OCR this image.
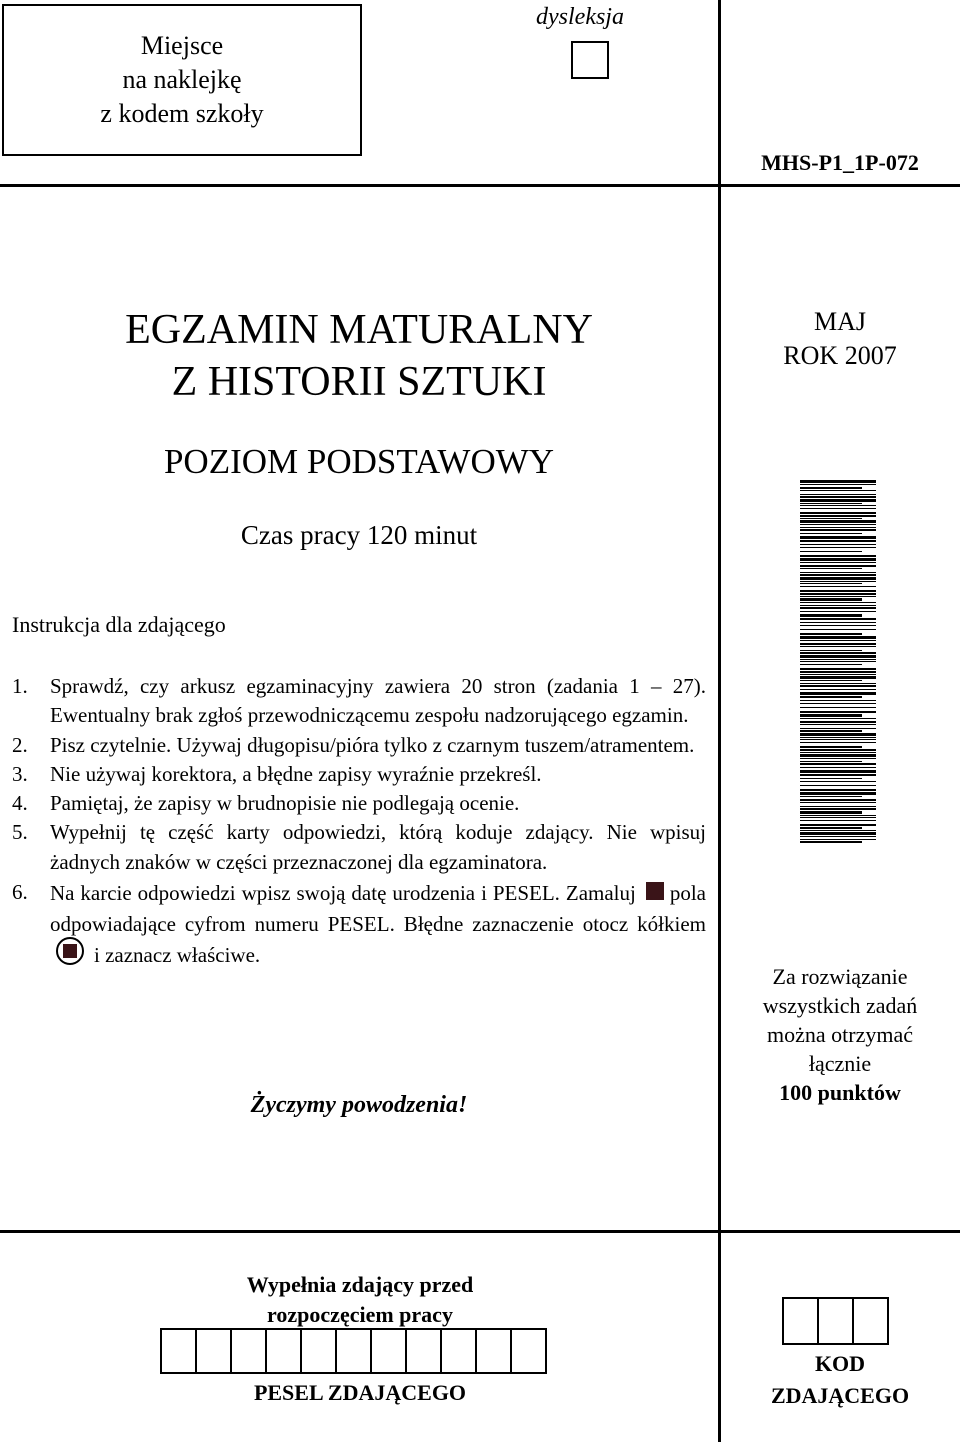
Miejsce
na naklejkę
z kodem szkoły
dysleksja
MHS-P1_1P-072
EGZAMIN MATURALNY
Z HISTORII SZTUKI
POZIOM PODSTAWOWY
Czas pracy 120 minut
MAJ
ROK 2007
Instrukcja dla zdającego
1.	Sprawdź, czy arkusz egzaminacyjny zawiera 20 stron (zadania 1 – 27). Ewentualny brak zgłoś przewodniczącemu zespołu nadzorującego egzamin.
2.	Pisz czytelnie. Używaj długopisu/pióra tylko z czarnym tuszem/atramentem.
3.	Nie używaj korektora, a błędne zapisy wyraźnie przekreśl.
4.	Pamiętaj, że zapisy w brudnopisie nie podlegają ocenie.
5.	Wypełnij tę część karty odpowiedzi, którą koduje zdający. Nie wpisuj żadnych znaków w części przeznaczonej dla egzaminatora.
6.	Na karcie odpowiedzi wpisz swoją datę urodzenia i PESEL. Zamaluj pola odpowiadające cyfrom numeru PESEL. Błędne zaznaczenie otocz kółkiemi zaznacz właściwe.
Życzymy powodzenia!
Za rozwiązanie
wszystkich zadań
można otrzymać
łącznie
100 punktów
Wypełnia zdający przed
rozpoczęciem pracy
PESEL ZDAJĄCEGO
KOD
ZDAJĄCEGO
